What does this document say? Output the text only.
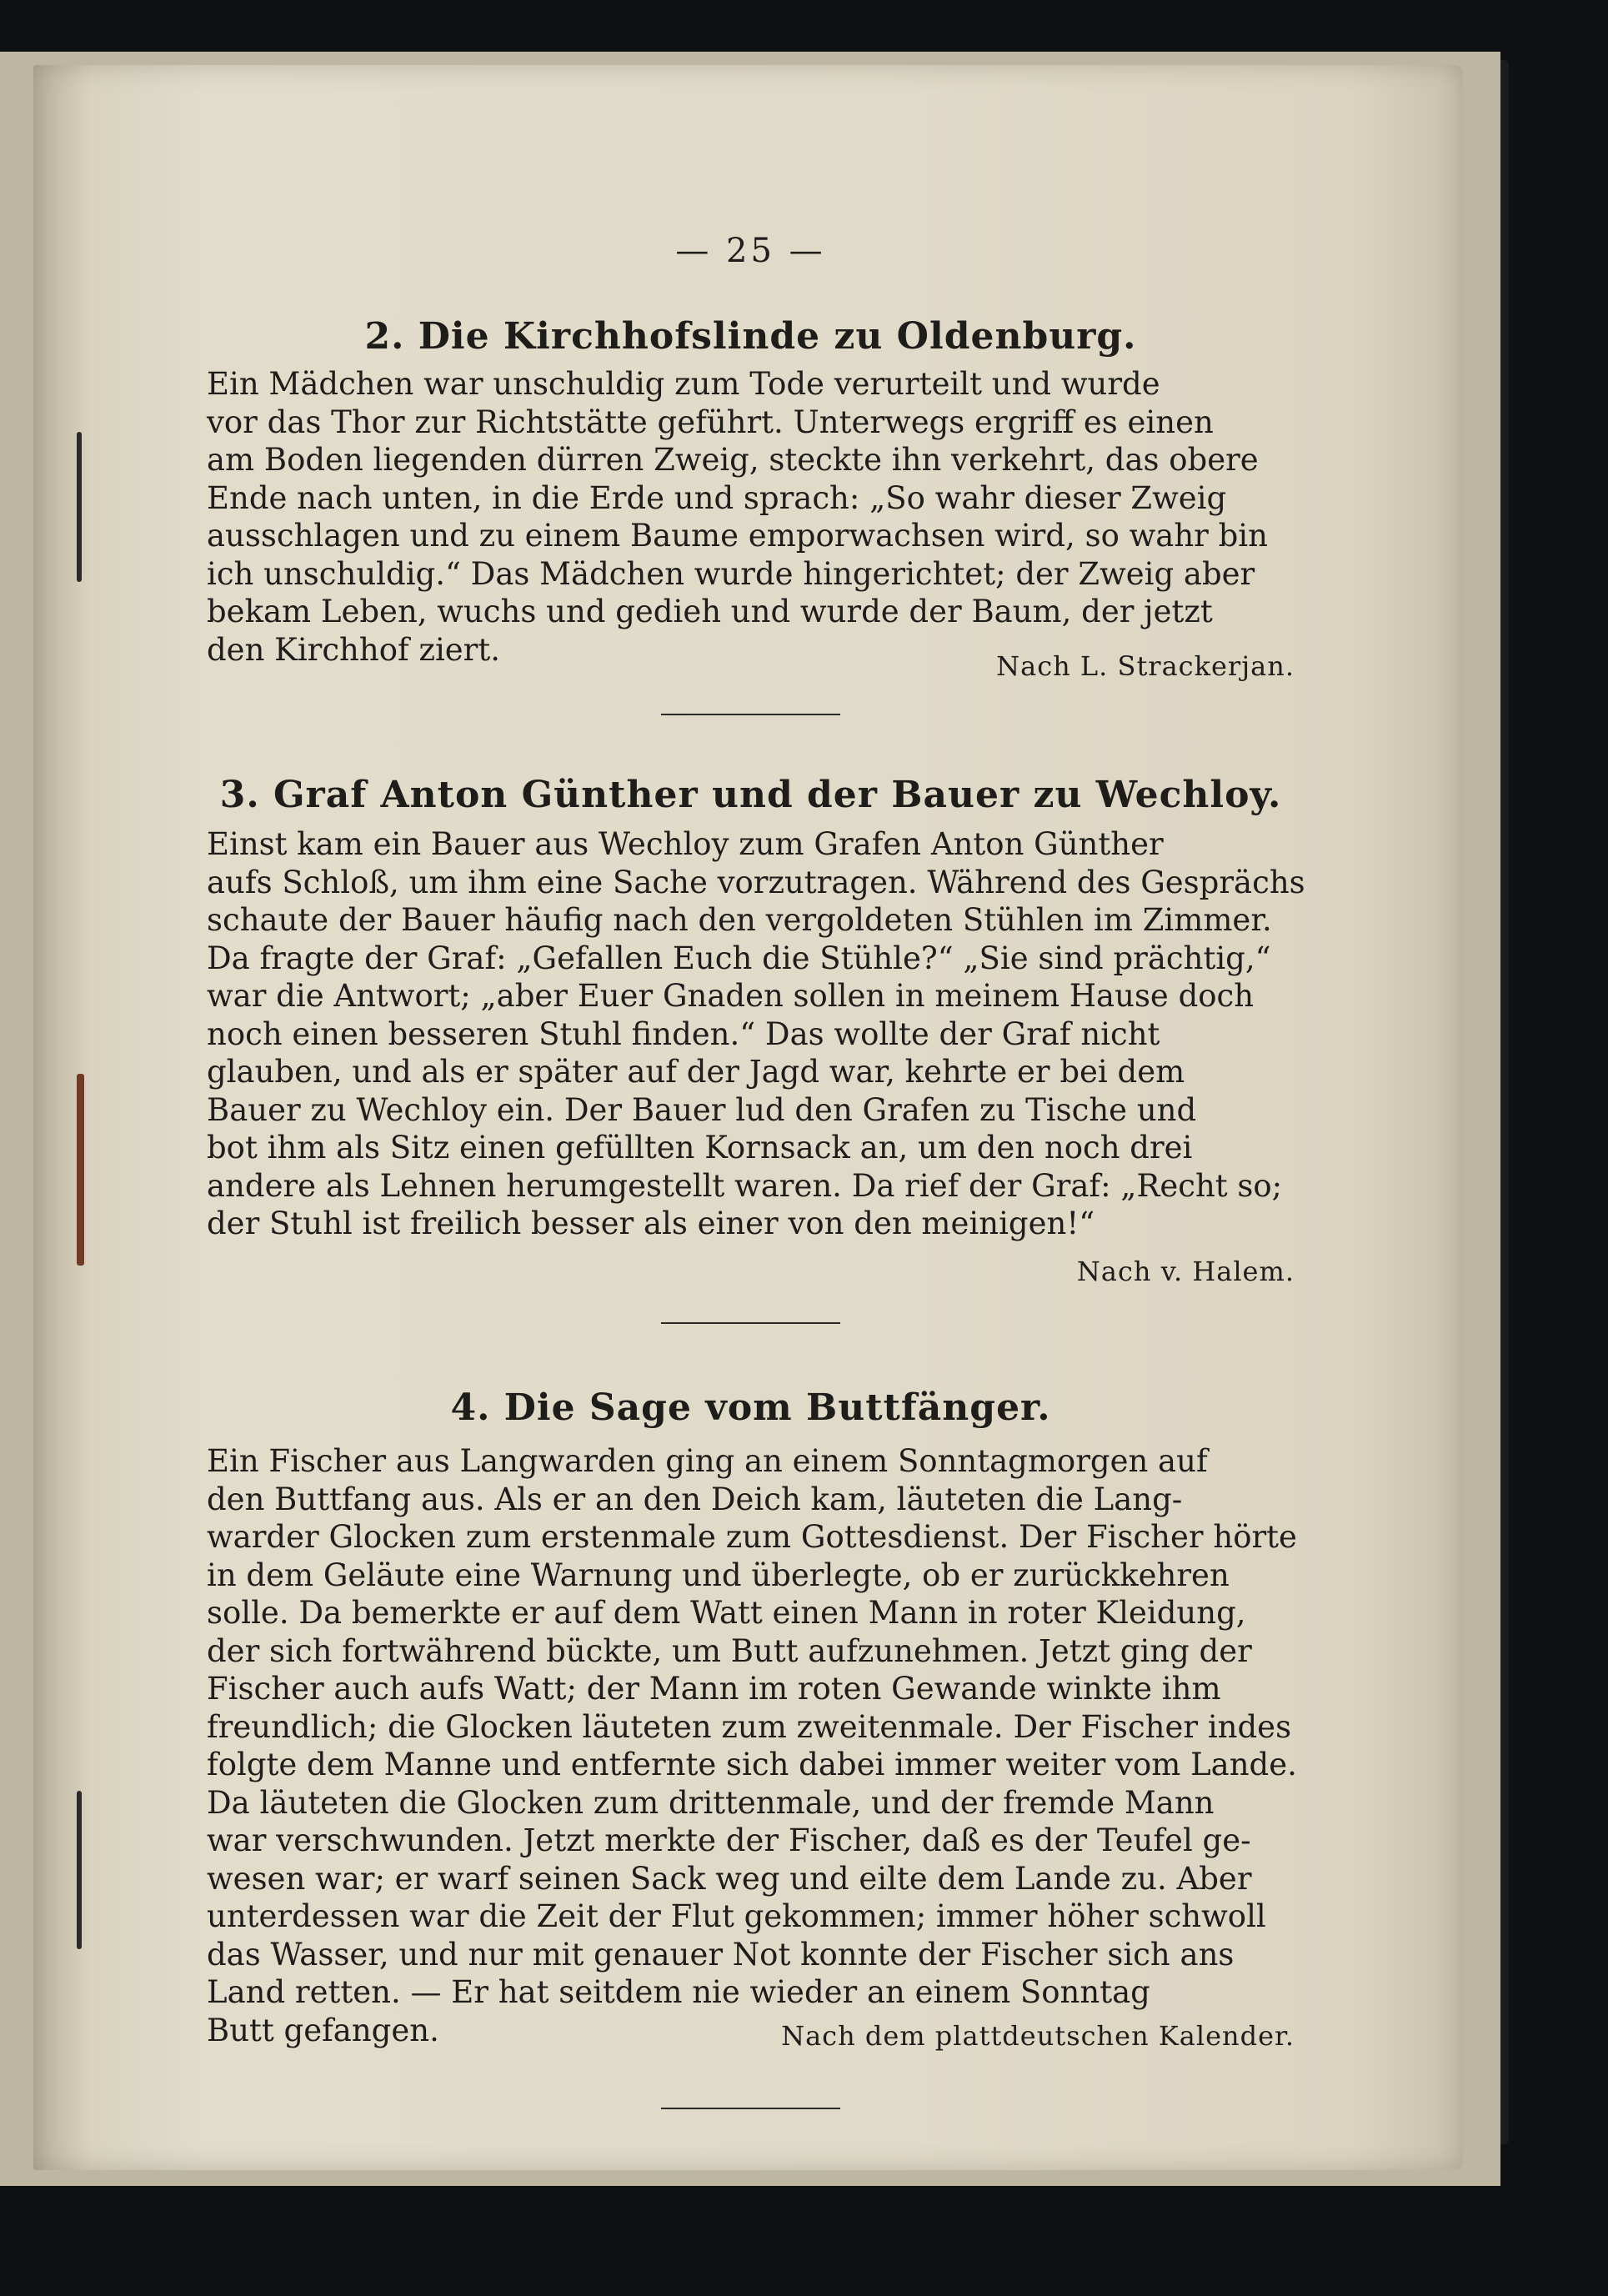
— 25 —
2. Die Kirchhofslinde zu Oldenburg.
Ein Mädchen war unschuldig zum Tode verurteilt und wurde
vor das Thor zur Richtstätte geführt. Unterwegs ergriff es einen
am Boden liegenden dürren Zweig, steckte ihn verkehrt, das obere
Ende nach unten, in die Erde und sprach: „So wahr dieser Zweig
ausschlagen und zu einem Baume emporwachsen wird, so wahr bin
ich unschuldig.“ Das Mädchen wurde hingerichtet; der Zweig aber
bekam Leben, wuchs und gedieh und wurde der Baum, der jetzt
den Kirchhof ziert.	Nach L. Strackerjan.
3. Graf Anton Günther und der Bauer zu Wechloy.
Einst kam ein Bauer aus Wechloy zum Grafen Anton Günther
aufs Schloß, um ihm eine Sache vorzutragen. Während des Gesprächs
schaute der Bauer häufig nach den vergoldeten Stühlen im Zimmer.
Da fragte der Graf: „Gefallen Euch die Stühle?“ „Sie sind prächtig,“
war die Antwort; „aber Euer Gnaden sollen in meinem Hause doch
noch einen besseren Stuhl finden.“ Das wollte der Graf nicht
glauben, und als er später auf der Jagd war, kehrte er bei dem
Bauer zu Wechloy ein. Der Bauer lud den Grafen zu Tische und
bot ihm als Sitz einen gefüllten Kornsack an, um den noch drei
andere als Lehnen herumgestellt waren. Da rief der Graf: „Recht so;
der Stuhl ist freilich besser als einer von den meinigen!“
Nach v. Halem.
4. Die Sage vom Buttfänger.
Ein Fischer aus Langwarden ging an einem Sonntagmorgen auf
den Buttfang aus. Als er an den Deich kam, läuteten die Lang-
warder Glocken zum erstenmale zum Gottesdienst. Der Fischer hörte
in dem Geläute eine Warnung und überlegte, ob er zurückkehren
solle. Da bemerkte er auf dem Watt einen Mann in roter Kleidung,
der sich fortwährend bückte, um Butt aufzunehmen. Jetzt ging der
Fischer auch aufs Watt; der Mann im roten Gewande winkte ihm
freundlich; die Glocken läuteten zum zweitenmale. Der Fischer indes
folgte dem Manne und entfernte sich dabei immer weiter vom Lande.
Da läuteten die Glocken zum drittenmale, und der fremde Mann
war verschwunden. Jetzt merkte der Fischer, daß es der Teufel ge-
wesen war; er warf seinen Sack weg und eilte dem Lande zu. Aber
unterdessen war die Zeit der Flut gekommen; immer höher schwoll
das Wasser, und nur mit genauer Not konnte der Fischer sich ans
Land retten. — Er hat seitdem nie wieder an einem Sonntag
Butt gefangen.	Nach dem plattdeutschen Kalender.
